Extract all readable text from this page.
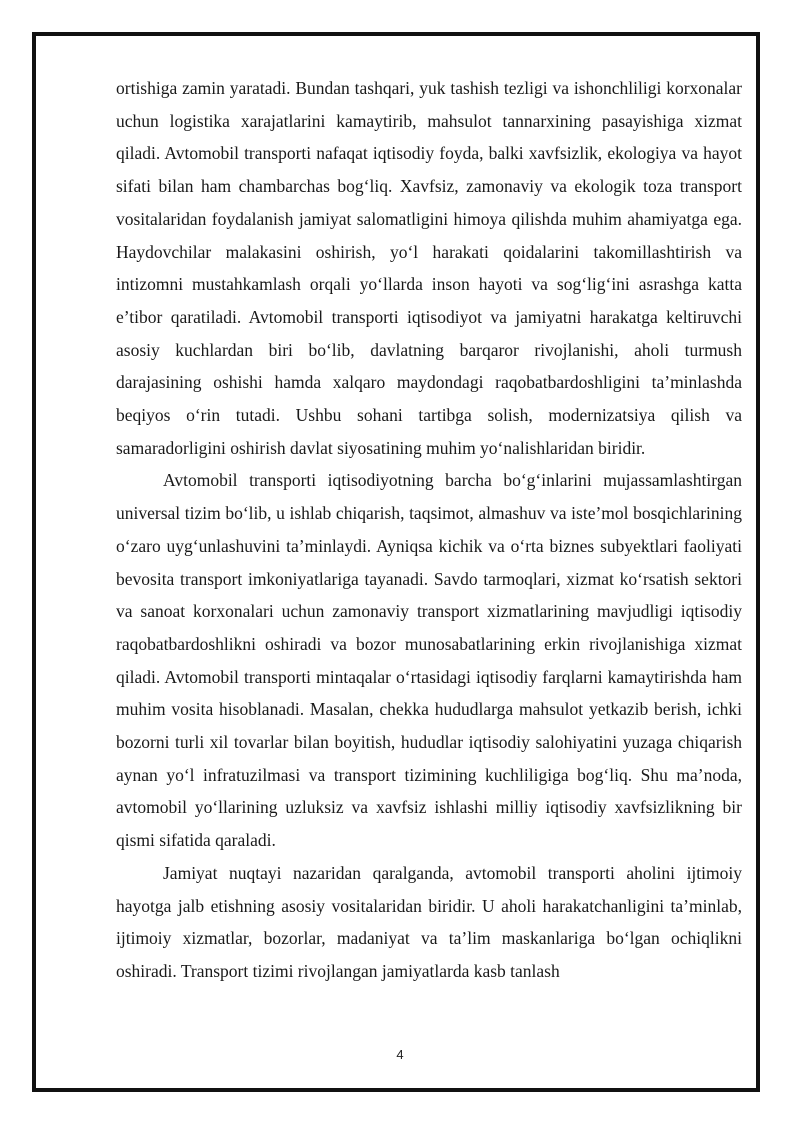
ortishiga zamin yaratadi. Bundan tashqari, yuk tashish tezligi va ishonchliligi korxonalar uchun logistika xarajatlarini kamaytirib, mahsulot tannarxining pasayishiga xizmat qiladi. Avtomobil transporti nafaqat iqtisodiy foyda, balki xavfsizlik, ekologiya va hayot sifati bilan ham chambarchas bog‘liq. Xavfsiz, zamonaviy va ekologik toza transport vositalaridan foydalanish jamiyat salomatligini himoya qilishda muhim ahamiyatga ega. Haydovchilar malakasini oshirish, yo‘l harakati qoidalarini takomillashtirish va intizomni mustahkamlash orqali yo‘llarda inson hayoti va sog‘lig‘ini asrashga katta e’tibor qaratiladi. Avtomobil transporti iqtisodiyot va jamiyatni harakatga keltiruvchi asosiy kuchlardan biri bo‘lib, davlatning barqaror rivojlanishi, aholi turmush darajasining oshishi hamda xalqaro maydondagi raqobatbardoshligini ta’minlashda beqiyos o‘rin tutadi. Ushbu sohani tartibga solish, modernizatsiya qilish va samaradorligini oshirish davlat siyosatining muhim yo‘nalishlaridan biridir.

Avtomobil transporti iqtisodiyotning barcha bo‘g‘inlarini mujassamlashtirgan universal tizim bo‘lib, u ishlab chiqarish, taqsimot, almashuv va iste’mol bosqichlarining o‘zaro uyg‘unlashuvini ta’minlaydi. Ayniqsa kichik va o‘rta biznes subyektlari faoliyati bevosita transport imkoniyatlariga tayanadi. Savdo tarmoqlari, xizmat ko‘rsatish sektori va sanoat korxonalari uchun zamonaviy transport xizmatlarining mavjudligi iqtisodiy raqobatbardoshlikni oshiradi va bozor munosabatlarining erkin rivojlanishiga xizmat qiladi. Avtomobil transporti mintaqalar o‘rtasidagi iqtisodiy farqlarni kamaytirishda ham muhim vosita hisoblanadi. Masalan, chekka hududlarga mahsulot yetkazib berish, ichki bozorni turli xil tovarlar bilan boyitish, hududlar iqtisodiy salohiyatini yuzaga chiqarish aynan yo‘l infratuzilmasi va transport tizimining kuchliligiga bog‘liq. Shu ma’noda, avtomobil yo‘llarining uzluksiz va xavfsiz ishlashi milliy iqtisodiy xavfsizlikning bir qismi sifatida qaraladi.

Jamiyat nuqtayi nazaridan qaralganda, avtomobil transporti aholini ijtimoiy hayotga jalb etishning asosiy vositalaridan biridir. U aholi harakatchanligini ta’minlab, ijtimoiy xizmatlar, bozorlar, madaniyat va ta’lim maskanlariga bo‘lgan ochiqlikni oshiradi. Transport tizimi rivojlangan jamiyatlarda kasb tanlash

4
